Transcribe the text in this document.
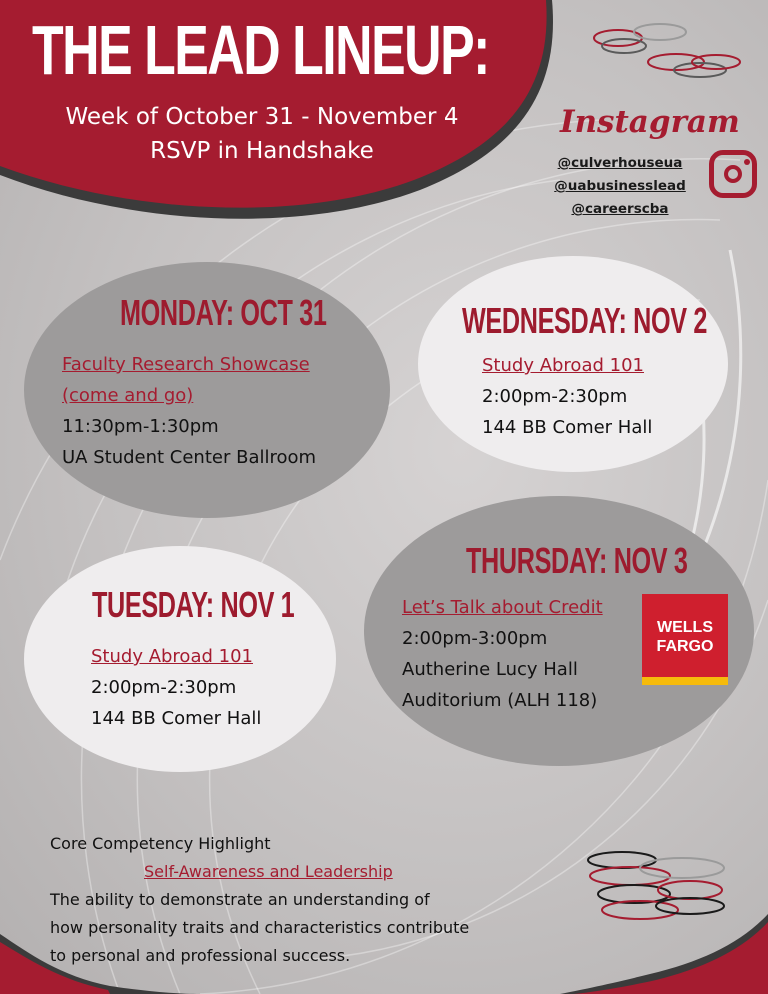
THE LEAD LINEUP:

Week of October 31 - November 4

RSVP in Handshake

Instagram
@culverhouseua
@uabusinesslead
@careerscba
MONDAY: OCT 31
Faculty Research Showcase
(come and go)
11:30pm-1:30pm
UA Student Center Ballroom
WEDNESDAY: NOV 2
Study Abroad 101
2:00pm-2:30pm
144 BB Comer Hall
THURSDAY: NOV 3
Let’s Talk about Credit
2:00pm-3:00pm
Autherine Lucy Hall
Auditorium (ALH 118)
WELLS
FARGO
TUESDAY: NOV 1
Study Abroad 101
2:00pm-2:30pm
144 BB Comer Hall
Core Competency Highlight
Self-Awareness and Leadership
The ability to demonstrate an understanding of
how personality traits and characteristics contribute
to personal and professional success.
